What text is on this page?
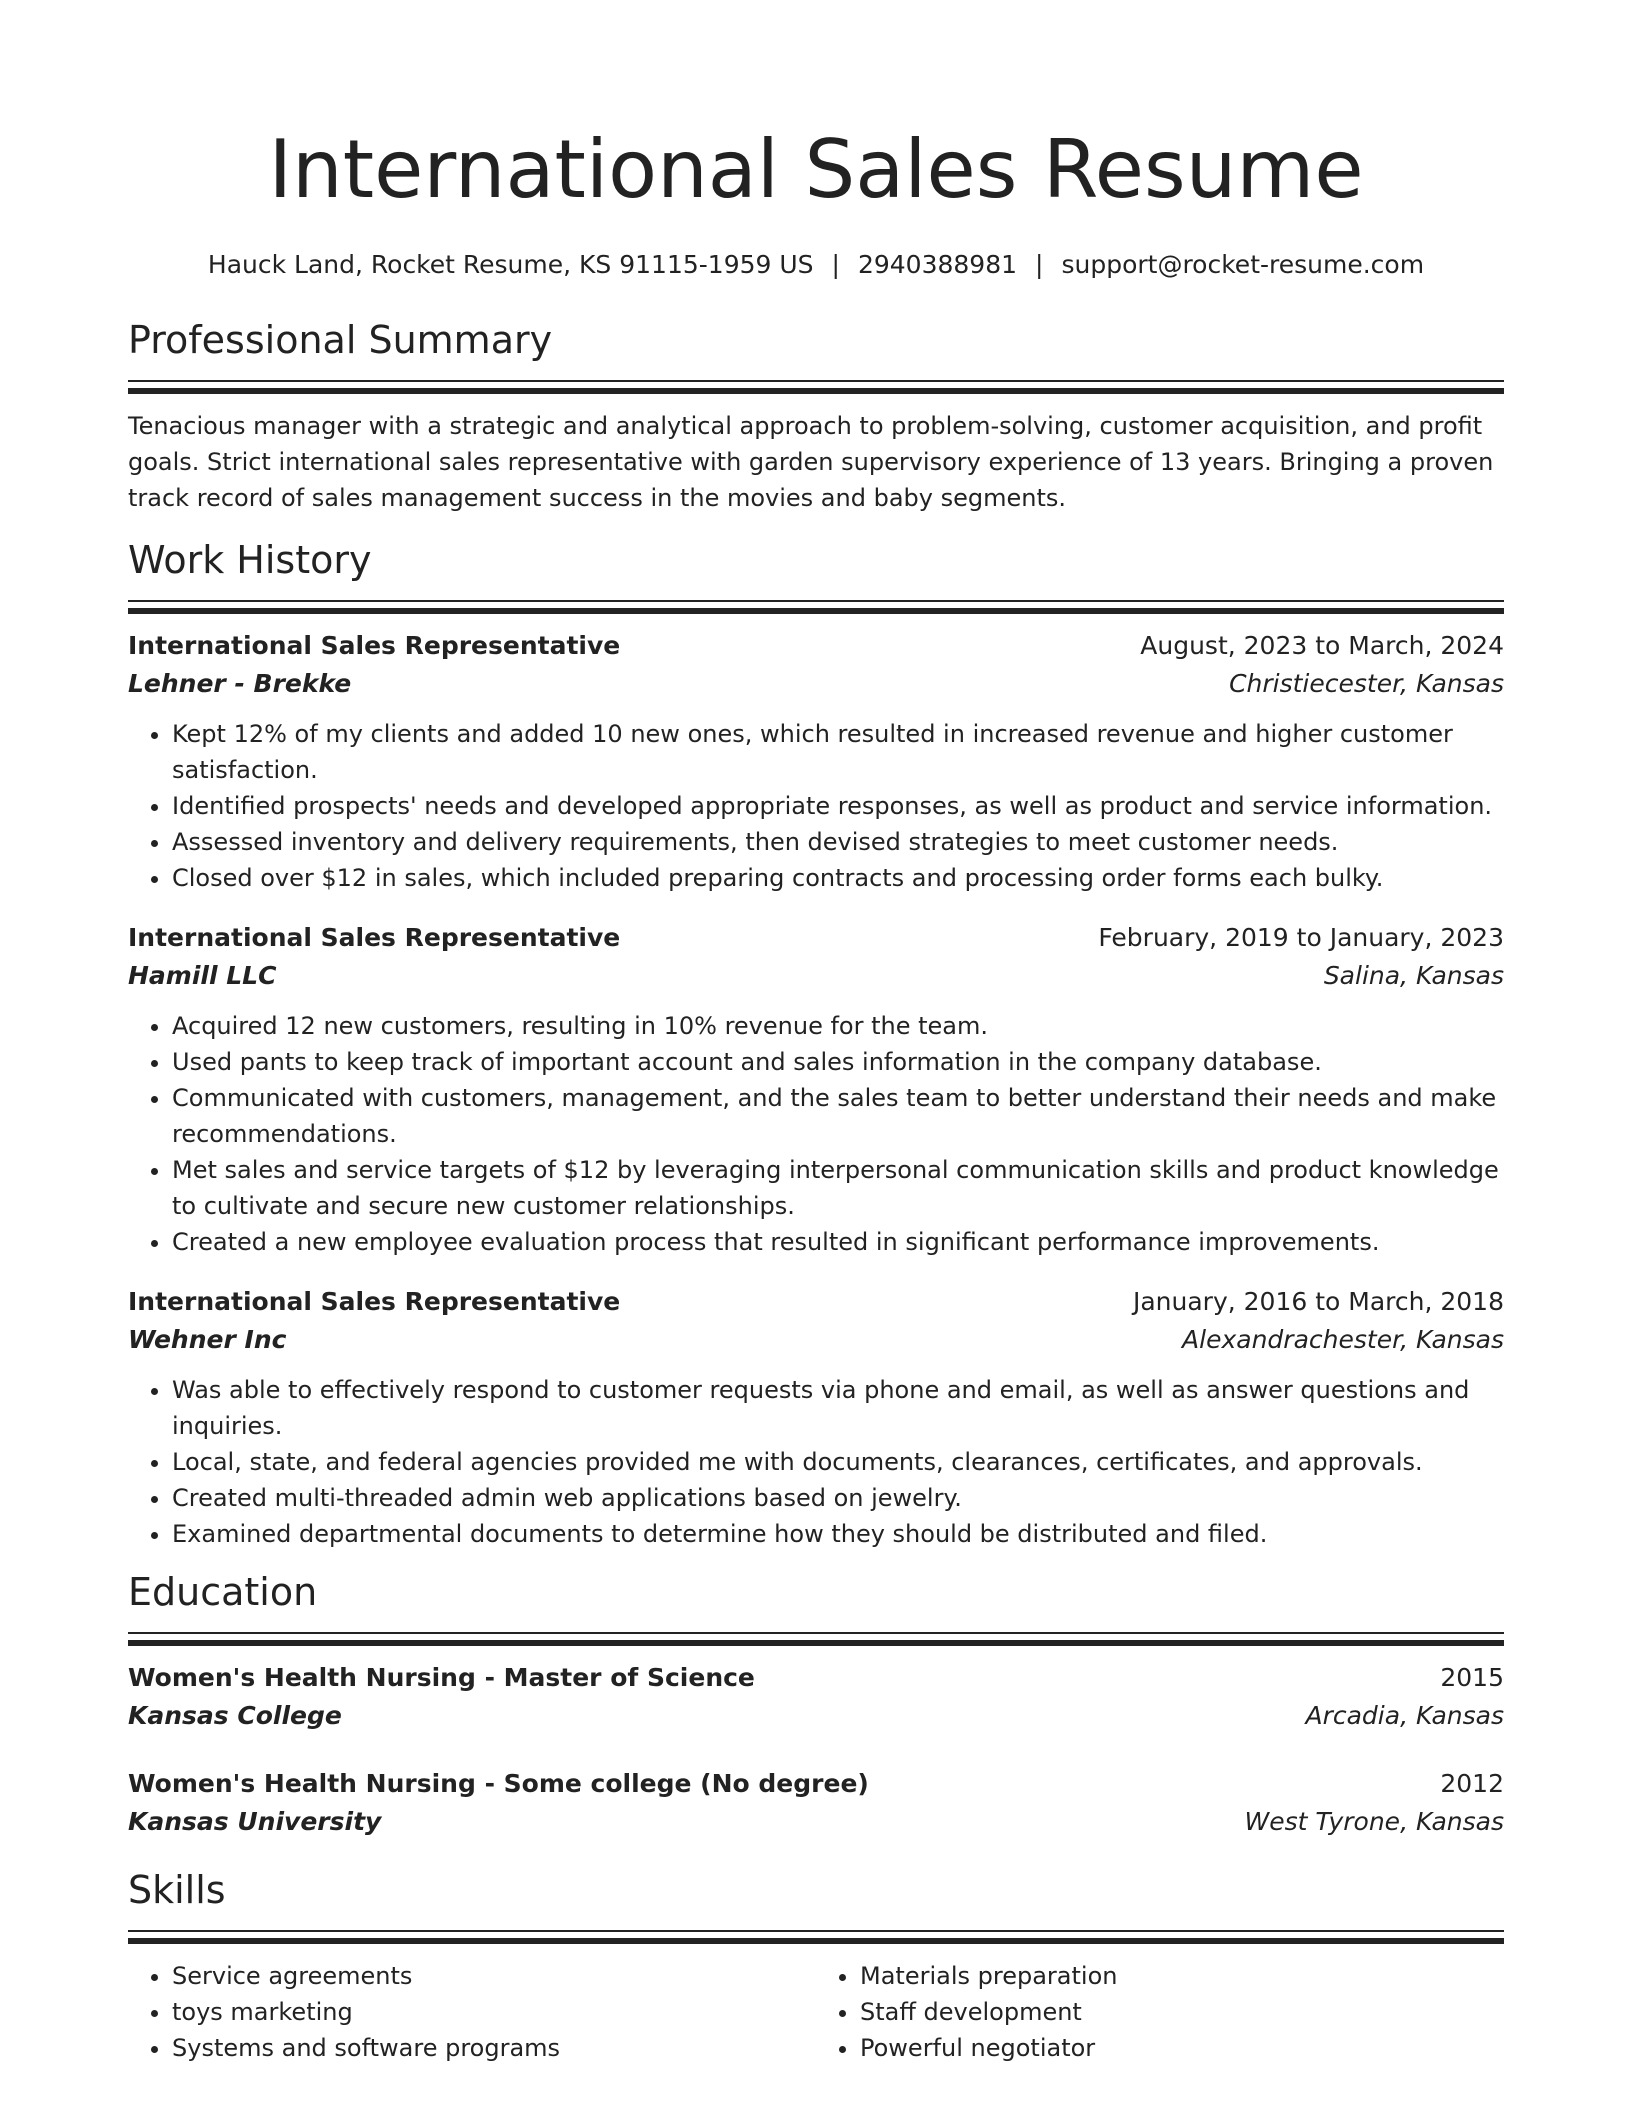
International Sales Resume
Hauck Land, Rocket Resume, KS 91115-1959 US | 2940388981 | support@rocket-resume.com
Professional Summary
Tenacious manager with a strategic and analytical approach to problem-solving, customer acquisition, and profit goals. Strict international sales representative with garden supervisory experience of 13 years. Bringing a proven track record of sales management success in the movies and baby segments.
Work History
International Sales Representative	August, 2023 to March, 2024
Lehner - Brekke	Christiecester, Kansas
• Kept 12% of my clients and added 10 new ones, which resulted in increased revenue and higher customer satisfaction.
• Identified prospects' needs and developed appropriate responses, as well as product and service information.
• Assessed inventory and delivery requirements, then devised strategies to meet customer needs.
• Closed over $12 in sales, which included preparing contracts and processing order forms each bulky.
International Sales Representative	February, 2019 to January, 2023
Hamill LLC	Salina, Kansas
• Acquired 12 new customers, resulting in 10% revenue for the team.
• Used pants to keep track of important account and sales information in the company database.
• Communicated with customers, management, and the sales team to better understand their needs and make recommendations.
• Met sales and service targets of $12 by leveraging interpersonal communication skills and product knowledge to cultivate and secure new customer relationships.
• Created a new employee evaluation process that resulted in significant performance improvements.
International Sales Representative	January, 2016 to March, 2018
Wehner Inc	Alexandrachester, Kansas
• Was able to effectively respond to customer requests via phone and email, as well as answer questions and inquiries.
• Local, state, and federal agencies provided me with documents, clearances, certificates, and approvals.
• Created multi-threaded admin web applications based on jewelry.
• Examined departmental documents to determine how they should be distributed and filed.
Education
Women's Health Nursing - Master of Science	2015
Kansas College	Arcadia, Kansas
Women's Health Nursing - Some college (No degree)	2012
Kansas University	West Tyrone, Kansas
Skills
• Service agreements
• toys marketing
• Systems and software programs
• Materials preparation
• Staff development
• Powerful negotiator
